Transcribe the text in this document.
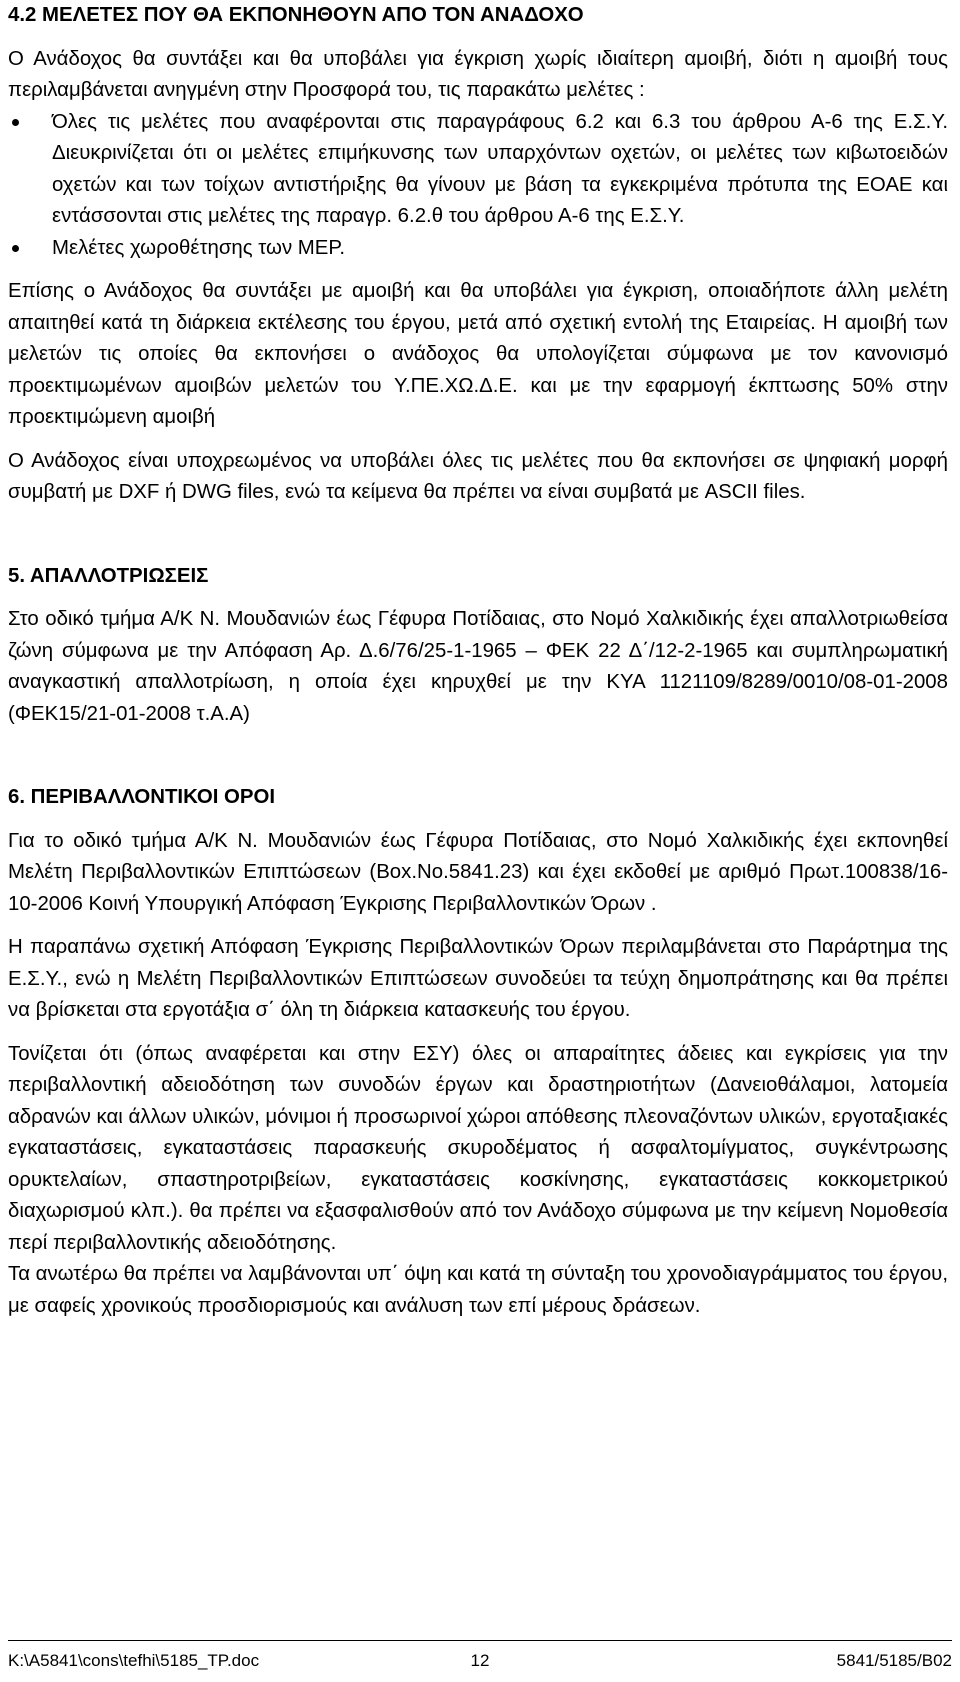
4.2 ΜΕΛΕΤΕΣ ΠΟΥ ΘΑ ΕΚΠΟΝΗΘΟΥΝ ΑΠΟ ΤΟΝ ΑΝΑΔΟΧΟ

Ο Ανάδοχος θα συντάξει και θα υποβάλει για έγκριση χωρίς ιδιαίτερη αμοιβή, διότι η αμοιβή τους περιλαμβάνεται ανηγμένη στην Προσφορά του, τις παρακάτω μελέτες :

Όλες τις μελέτες που αναφέρονται στις παραγράφους 6.2 και 6.3 του άρθρου Α-6 της Ε.Σ.Υ. Διευκρινίζεται ότι οι μελέτες επιμήκυνσης των υπαρχόντων οχετών, οι μελέτες των κιβωτοειδών οχετών και των τοίχων αντιστήριξης θα γίνουν με βάση τα εγκεκριμένα πρότυπα της ΕΟΑΕ και εντάσσονται στις μελέτες της παραγρ. 6.2.θ του άρθρου Α-6 της Ε.Σ.Υ.
Μελέτες χωροθέτησης των ΜΕΡ.

Επίσης ο Ανάδοχος θα συντάξει με αμοιβή και θα υποβάλει για έγκριση, οποιαδήποτε άλλη μελέτη απαιτηθεί κατά τη διάρκεια εκτέλεσης του έργου, μετά από σχετική εντολή της Εταιρείας. Η αμοιβή των μελετών τις οποίες θα εκπονήσει ο ανάδοχος θα υπολογίζεται σύμφωνα με τον κανονισμό προεκτιμωμένων αμοιβών μελετών του Υ.ΠΕ.ΧΩ.Δ.Ε. και με την εφαρμογή έκπτωσης 50% στην προεκτιμώμενη αμοιβή

Ο Ανάδοχος είναι υποχρεωμένος να υποβάλει όλες τις μελέτες που θα εκπονήσει σε ψηφιακή μορφή συμβατή με DXF ή DWG files, ενώ τα κείμενα θα πρέπει να είναι συμβατά με ASCII files.

5. ΑΠΑΛΛΟΤΡΙΩΣΕΙΣ

Στο οδικό τμήμα Α/Κ Ν. Μουδανιών έως Γέφυρα Ποτίδαιας, στο Νομό Χαλκιδικής έχει απαλλοτριωθείσα ζώνη σύμφωνα με την Απόφαση Αρ. Δ.6/76/25-1-1965 – ΦΕΚ 22 Δ΄/12-2-1965 και συμπληρωματική αναγκαστική απαλλοτρίωση, η οποία έχει κηρυχθεί με την ΚΥΑ 1121109/8289/0010/08-01-2008 (ΦΕΚ15/21-01-2008 τ.Α.Α)

6. ΠΕΡΙΒΑΛΛΟΝΤΙΚΟΙ ΟΡΟΙ

Για το οδικό τμήμα Α/Κ Ν. Μουδανιών έως Γέφυρα Ποτίδαιας, στο Νομό Χαλκιδικής έχει εκπονηθεί Μελέτη Περιβαλλοντικών Επιπτώσεων (Box.No.5841.23) και έχει εκδοθεί με αριθμό Πρωτ.100838/16-10-2006 Κοινή Υπουργική Απόφαση Έγκρισης Περιβαλλοντικών Όρων .

Η παραπάνω σχετική Απόφαση Έγκρισης Περιβαλλοντικών Όρων περιλαμβάνεται στο Παράρτημα της Ε.Σ.Υ., ενώ η Μελέτη Περιβαλλοντικών Επιπτώσεων συνοδεύει τα τεύχη δημοπράτησης και θα πρέπει να βρίσκεται στα εργοτάξια σ΄ όλη τη διάρκεια κατασκευής του έργου.

Τονίζεται ότι (όπως αναφέρεται και στην ΕΣΥ) όλες οι απαραίτητες άδειες και εγκρίσεις για την περιβαλλοντική αδειοδότηση των συνοδών έργων και δραστηριοτήτων (Δανειοθάλαμοι, λατομεία αδρανών και άλλων υλικών, μόνιμοι ή προσωρινοί χώροι απόθεσης πλεοναζόντων υλικών, εργοταξιακές εγκαταστάσεις, εγκαταστάσεις παρασκευής σκυροδέματος ή ασφαλτομίγματος, συγκέντρωσης ορυκτελαίων, σπαστηροτριβείων, εγκαταστάσεις κοσκίνησης, εγκαταστάσεις κοκκομετρικού διαχωρισμού κλπ.). θα πρέπει να εξασφαλισθούν από τον Ανάδοχο σύμφωνα με την κείμενη Νομοθεσία περί περιβαλλοντικής αδειοδότησης.

Τα ανωτέρω θα πρέπει να λαμβάνονται υπ΄ όψη και κατά τη σύνταξη του χρονοδιαγράμματος του έργου, με σαφείς χρονικούς προσδιορισμούς και ανάλυση των επί μέρους δράσεων.

K:\A5841\cons\tefhi\5185_TP.doc	12	5841/5185/Β02
